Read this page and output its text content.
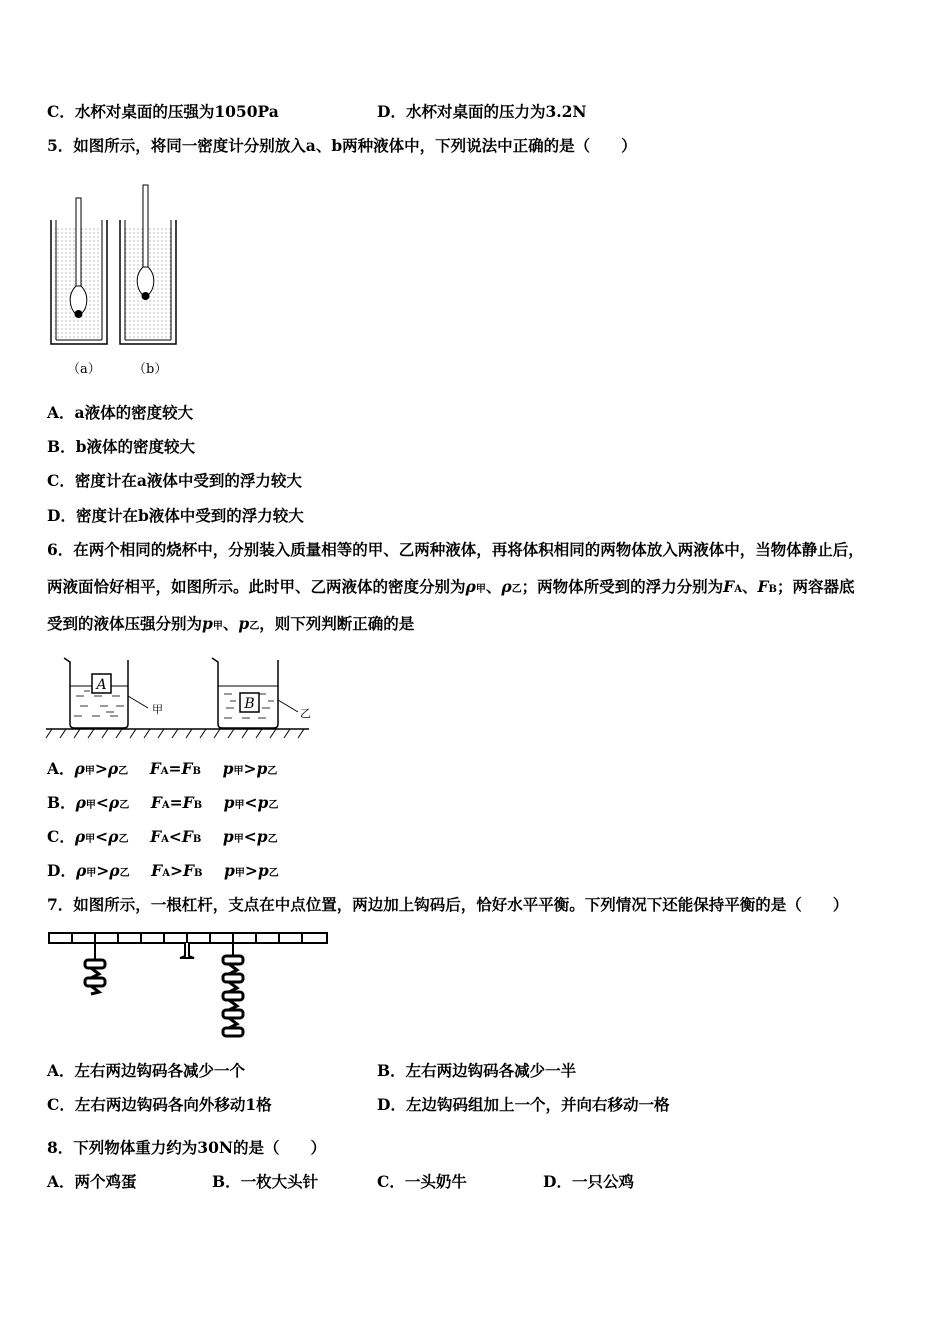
C．水杯对桌面的压强为1050Pa	D．水杯对桌面的压力为3.2N
5．如图所示，将同一密度计分别放入a、b两种液体中，下列说法中正确的是（　　）
（a） （b）
A．a液体的密度较大
B．b液体的密度较大
C．密度计在a液体中受到的浮力较大
D．密度计在b液体中受到的浮力较大
6．在两个相同的烧杯中，分别装入质量相等的甲、乙两种液体，再将体积相同的两物体放入两液体中，当物体静止后，
两液面恰好相平，如图所示。此时甲、乙两液体的密度分别为ρ甲、ρ乙；两物体所受到的浮力分别为FA、FB；两容器底
受到的液体压强分别为p甲、p乙，则下列判断正确的是
A
甲	B
乙
A．ρ甲>ρ乙 FA=FB p甲>p乙
B．ρ甲<ρ乙 FA=FB p甲<p乙
C．ρ甲<ρ乙 FA<FB p甲<p乙
D．ρ甲>ρ乙 FA>FB p甲>p乙
7．如图所示，一根杠杆，支点在中点位置，两边加上钩码后，恰好水平平衡。下列情况下还能保持平衡的是（　　）
A．左右两边钩码各减少一个	B．左右两边钩码各减少一半
C．左右两边钩码各向外移动1格	D．左边钩码组加上一个，并向右移动一格
8．下列物体重力约为30N的是（　　）
A．两个鸡蛋	B．一枚大头针	C．一头奶牛	D．一只公鸡
